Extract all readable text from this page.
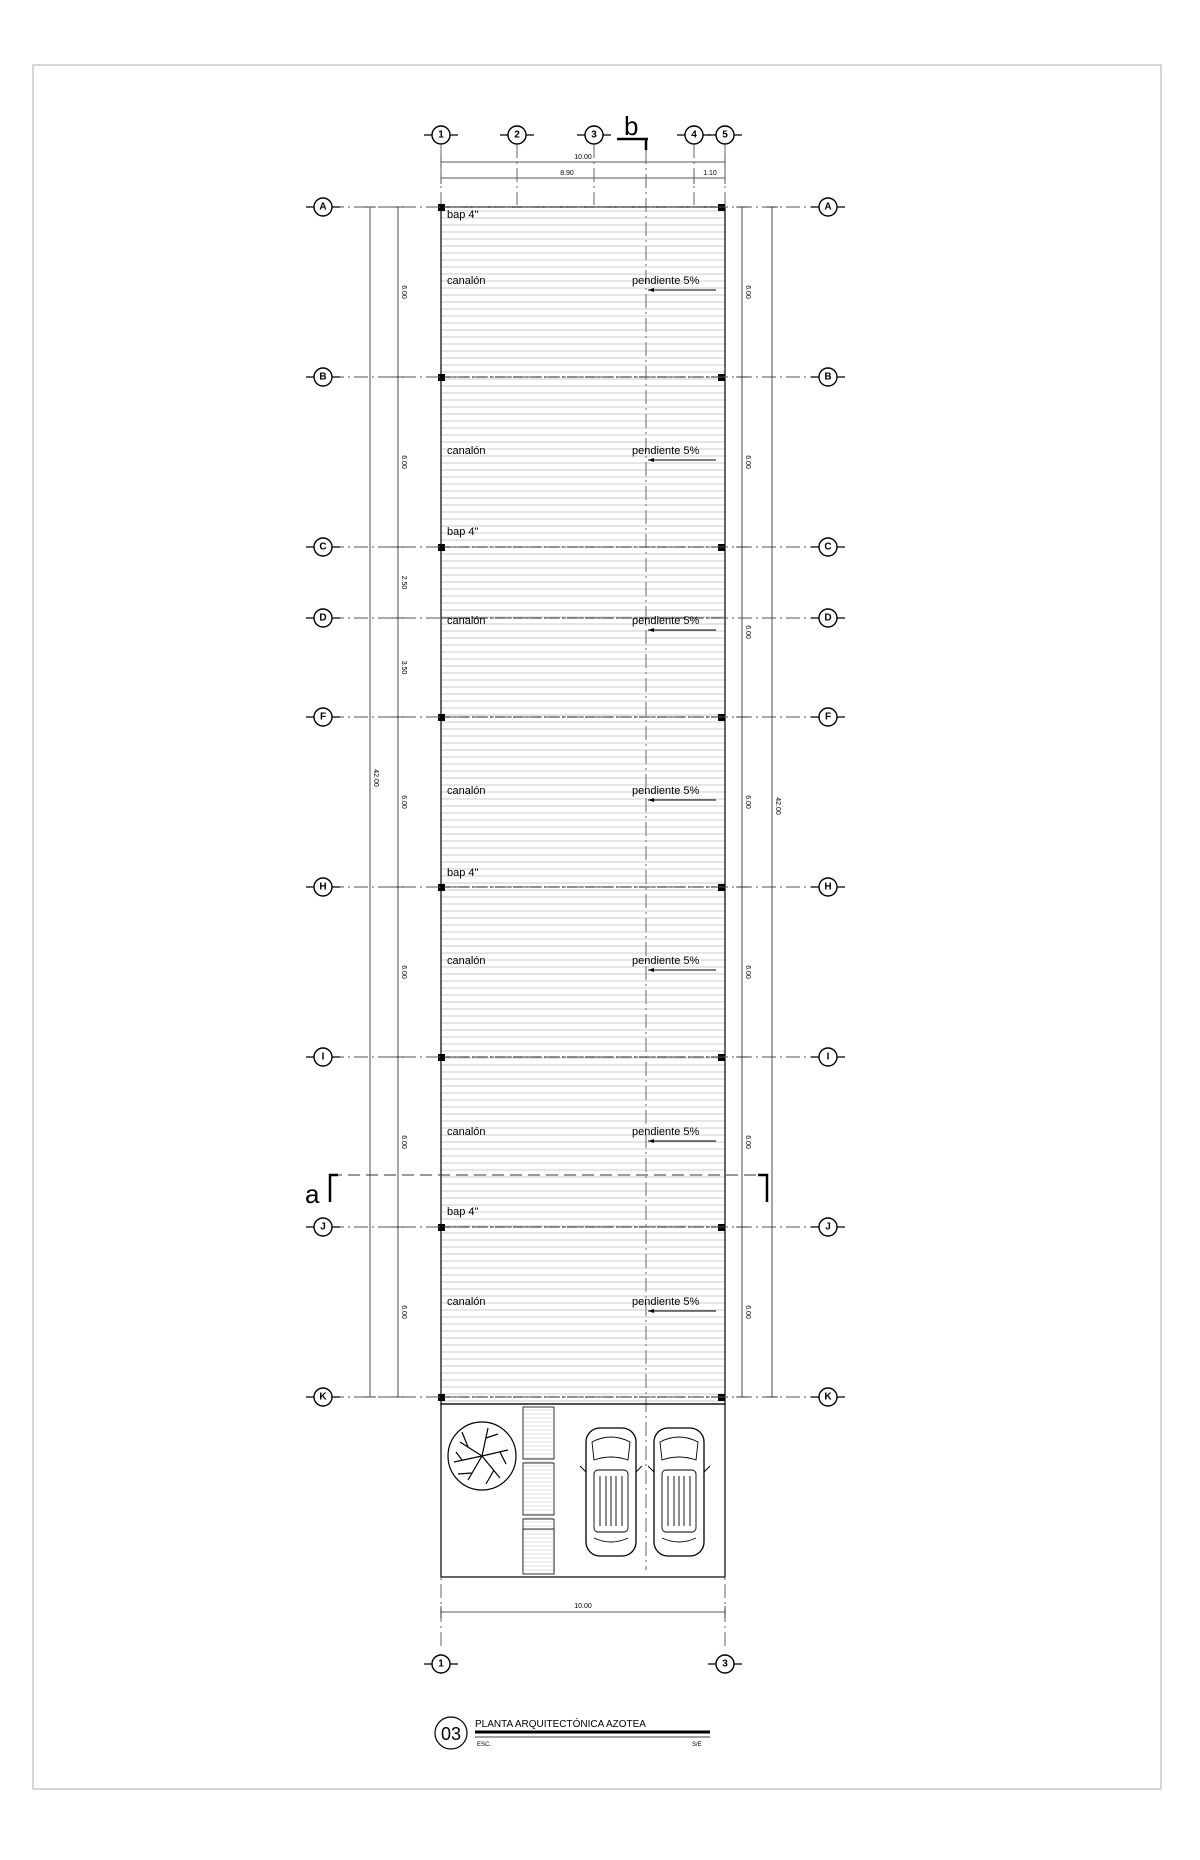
1	2	3	4	5
b
10.00
8.90	1.10
A	A
B	B
C	C
D	D
F	F
H	H
I	I
J	J
K	K
bap 4"
bap 4"
bap 4"
bap 4"
canalón	pendiente 5%
canalón	pendiente 5%
canalón	pendiente 5%
canalón	pendiente 5%
canalón	pendiente 5%
canalón	pendiente 5%
canalón	pendiente 5%
6.00
6.00
2.50
3.50
6.00
6.00
6.00
6.00
42.00
6.00
6.00
6.00
6.00
6.00
6.00
6.00
42.00
a
10.00
1	3
03 PLANTA ARQUITECTÓNICA AZOTEA
ESC.	S/E
